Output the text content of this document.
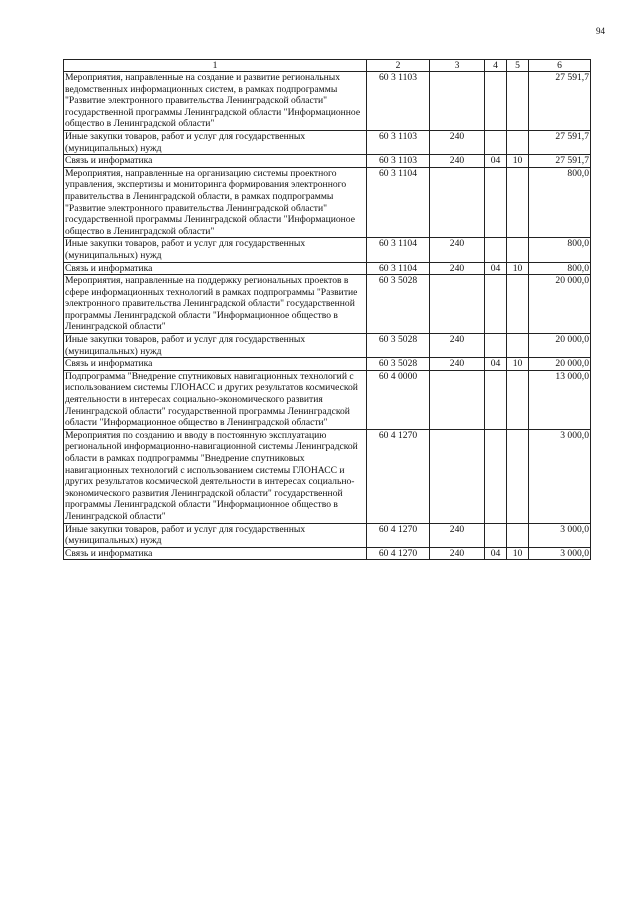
94
1	2	3	4	5	6
Мероприятия, направленные на создание и развитие региональных ведомственных информационных систем, в рамках подпрограммы "Развитие электронного правительства Ленинградской области" государственной программы Ленинградской области "Информационное общество в Ленинградской области"	60 3 1103				27 591,7
Иные закупки товаров, работ и услуг для государственных (муниципальных) нужд	60 3 1103	240			27 591,7
Связь и информатика	60 3 1103	240	04	10	27 591,7
Мероприятия, направленные на организацию системы проектного управления, экспертизы и мониторинга формирования электронного правительства в Ленинградской области, в рамках подпрограммы "Развитие электронного правительства Ленинградской области" государственной программы Ленинградской области "Информационое общество в Ленинградской области"	60 3 1104				800,0
Иные закупки товаров, работ и услуг для государственных (муниципальных) нужд	60 3 1104	240			800,0
Связь и информатика	60 3 1104	240	04	10	800,0
Мероприятия, направленные на поддержку региональных проектов в сфере информационных технологий в рамках подпрограммы "Развитие электронного правительства Ленинградской области" государственной программы Ленинградской области "Информационное общество в Ленинградской области"	60 3 5028				20 000,0
Иные закупки товаров, работ и услуг для государственных (муниципальных) нужд	60 3 5028	240			20 000,0
Связь и информатика	60 3 5028	240	04	10	20 000,0
Подпрограмма "Внедрение спутниковых навигационных технологий с использованием системы ГЛОНАСС и других результатов космической деятельности в интересах социально-экономического развития Ленинградской области" государственной программы Ленинградской области "Информационное общество в Ленинградской области"	60 4 0000				13 000,0
Мероприятия по созданию и вводу в постоянную эксплуатацию региональной информационно-навигационной системы Ленинградской области в рамках подпрограммы "Внедрение спутниковых навигационных технологий с использованием системы ГЛОНАСС и других результатов космической деятельности в интересах социально-экономического развития Ленинградской области" государственной программы Ленинградской области "Информационное общество в Ленинградской области"	60 4 1270				3 000,0
Иные закупки товаров, работ и услуг для государственных (муниципальных) нужд	60 4 1270	240			3 000,0
Связь и информатика	60 4 1270	240	04	10	3 000,0
